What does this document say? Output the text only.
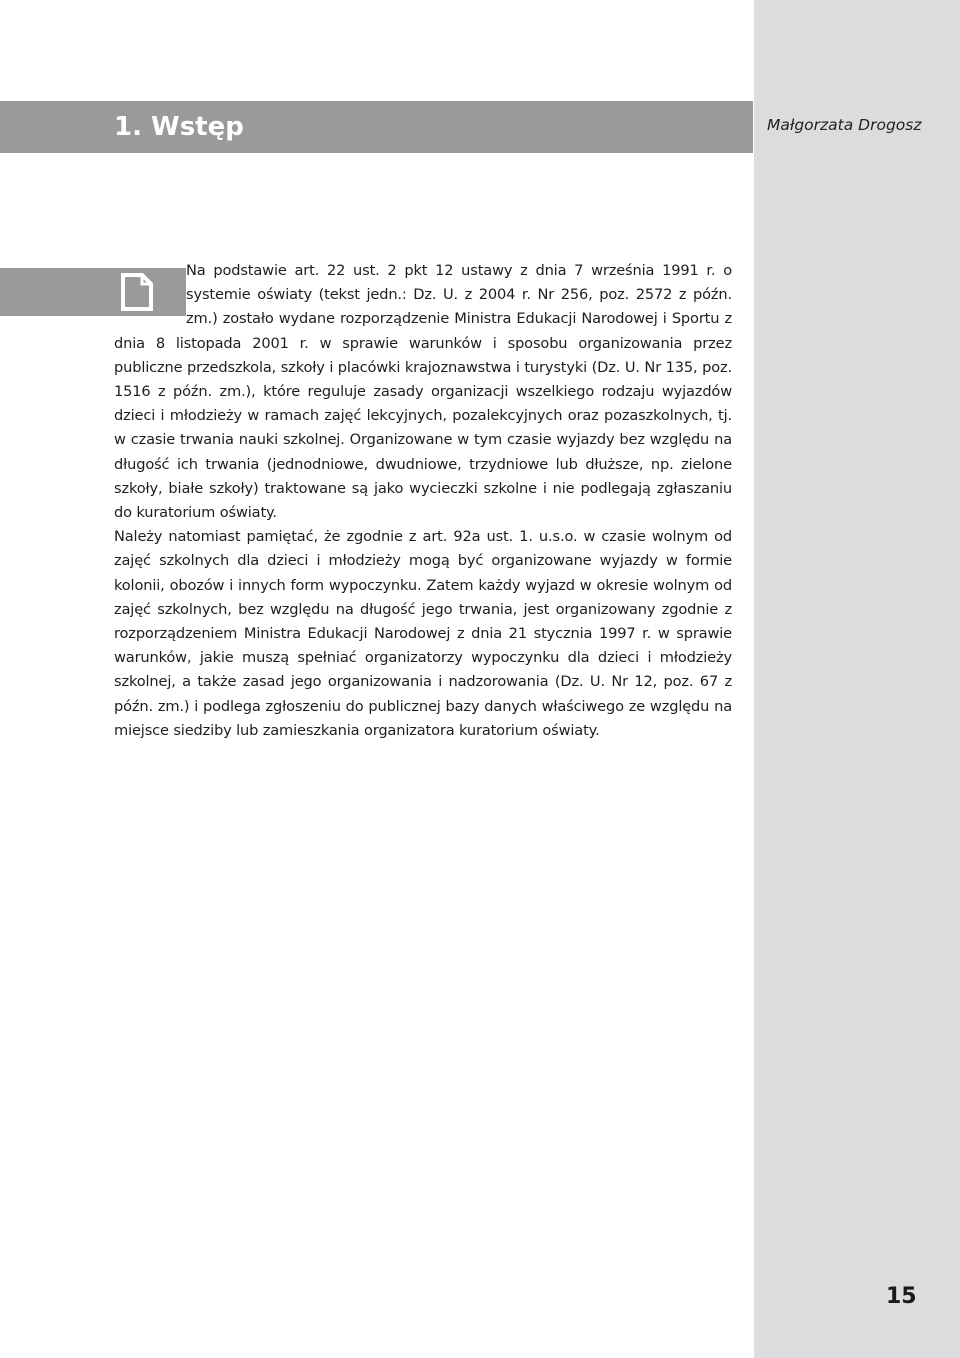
1. Wstęp	Małgorzata Drogosz

Na podstawie art. 22 ust. 2 pkt 12 ustawy z dnia 7 września 1991 r. o systemie oświaty (tekst jedn.: Dz. U. z 2004 r. Nr 256, poz. 2572 z późn. zm.) zostało wydane rozporządzenie Ministra Edukacji Narodowej i Sportu z dnia 8 listopada 2001 r. w sprawie warunków i sposobu organizowania przez publiczne przedszkola, szkoły i placówki krajoznawstwa i turystyki (Dz. U. Nr 135, poz. 1516 z późn. zm.), które reguluje zasady organizacji wszelkiego rodzaju wyjazdów dzieci i młodzieży w ramach zajęć lekcyjnych, pozalekcyjnych oraz pozaszkolnych, tj. w czasie trwania nauki szkolnej. Organizowane w tym czasie wyjazdy bez względu na długość ich trwania (jednodniowe, dwudniowe, trzydniowe lub dłuższe, np. zielone szkoły, białe szkoły) traktowane są jako wycieczki szkolne i nie podlegają zgłaszaniu do kuratorium oświaty.

Należy natomiast pamiętać, że zgodnie z art. 92a ust. 1. u.s.o. w czasie wolnym od zajęć szkolnych dla dzieci i młodzieży mogą być organizowane wyjazdy w formie kolonii, obozów i innych form wypoczynku. Zatem każdy wyjazd w okresie wolnym od zajęć szkolnych, bez względu na długość jego trwania, jest organizowany zgodnie z rozporządzeniem Ministra Edukacji Narodowej z dnia 21 stycznia 1997 r. w sprawie warunków, jakie muszą spełniać organizatorzy wypoczynku dla dzieci i młodzieży szkolnej, a także zasad jego organizowania i nadzorowania (Dz. U. Nr 12, poz. 67 z późn. zm.) i podlega zgłoszeniu do publicznej bazy danych właściwego ze względu na miejsce siedziby lub zamieszkania organizatora kuratorium oświaty.

15
